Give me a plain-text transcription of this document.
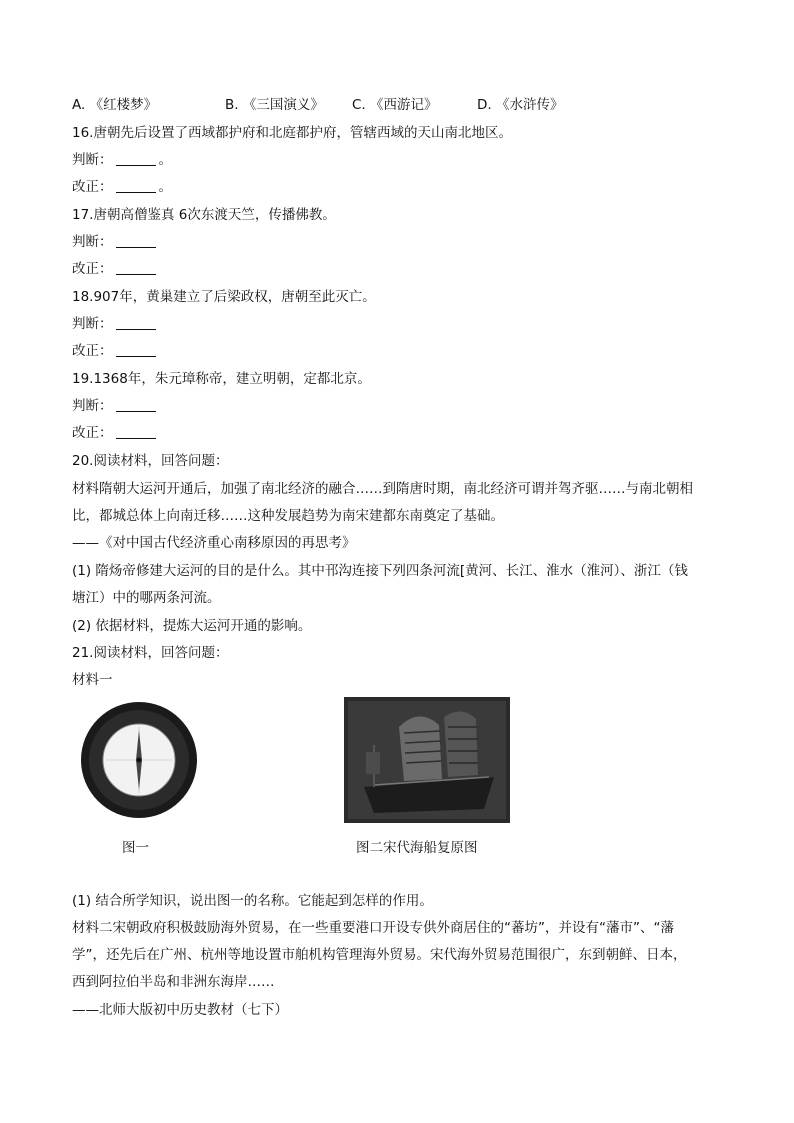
A. 《红楼梦》	B. 《三国演义》 C. 《西游记》	D. 《水浒传》
16.唐朝先后设置了西域都护府和北庭都护府，管辖西域的天山南北地区。
判断：	。
改正：	。
17.唐朝高僧鉴真 6次东渡天竺，传播佛教。
判断：
改正：
18.907年，黄巢建立了后梁政权，唐朝至此灭亡。
判断：
改正：
19.1368年，朱元璋称帝，建立明朝，定都北京。
判断：
改正：
20.阅读材料，回答问题：
材料隋朝大运河开通后，加强了南北经济的融合……到隋唐时期，南北经济可谓并驾齐驱……与南北朝相
比，都城总体上向南迁移……这种发展趋势为南宋建都东南奠定了基础。
——《对中国古代经济重心南移原因的再思考》
(1) 隋炀帝修建大运河的目的是什么。其中邗沟连接下列四条河流[黄河、长江、淮水（淮河）、浙江（钱
塘江）中的哪两条河流。
(2) 依据材料，提炼大运河开通的影响。
21.阅读材料，回答问题：
材料一
图一	图二宋代海船复原图
(1) 结合所学知识，说出图一的名称。它能起到怎样的作用。
材料二宋朝政府积极鼓励海外贸易，在一些重要港口开设专供外商居住的“蕃坊”，并设有“藩市”、“藩
学”，还先后在广州、杭州等地设置市舶机构管理海外贸易。宋代海外贸易范围很广，东到朝鲜、日本，
西到阿拉伯半岛和非洲东海岸……
——北师大版初中历史教材（七下）
